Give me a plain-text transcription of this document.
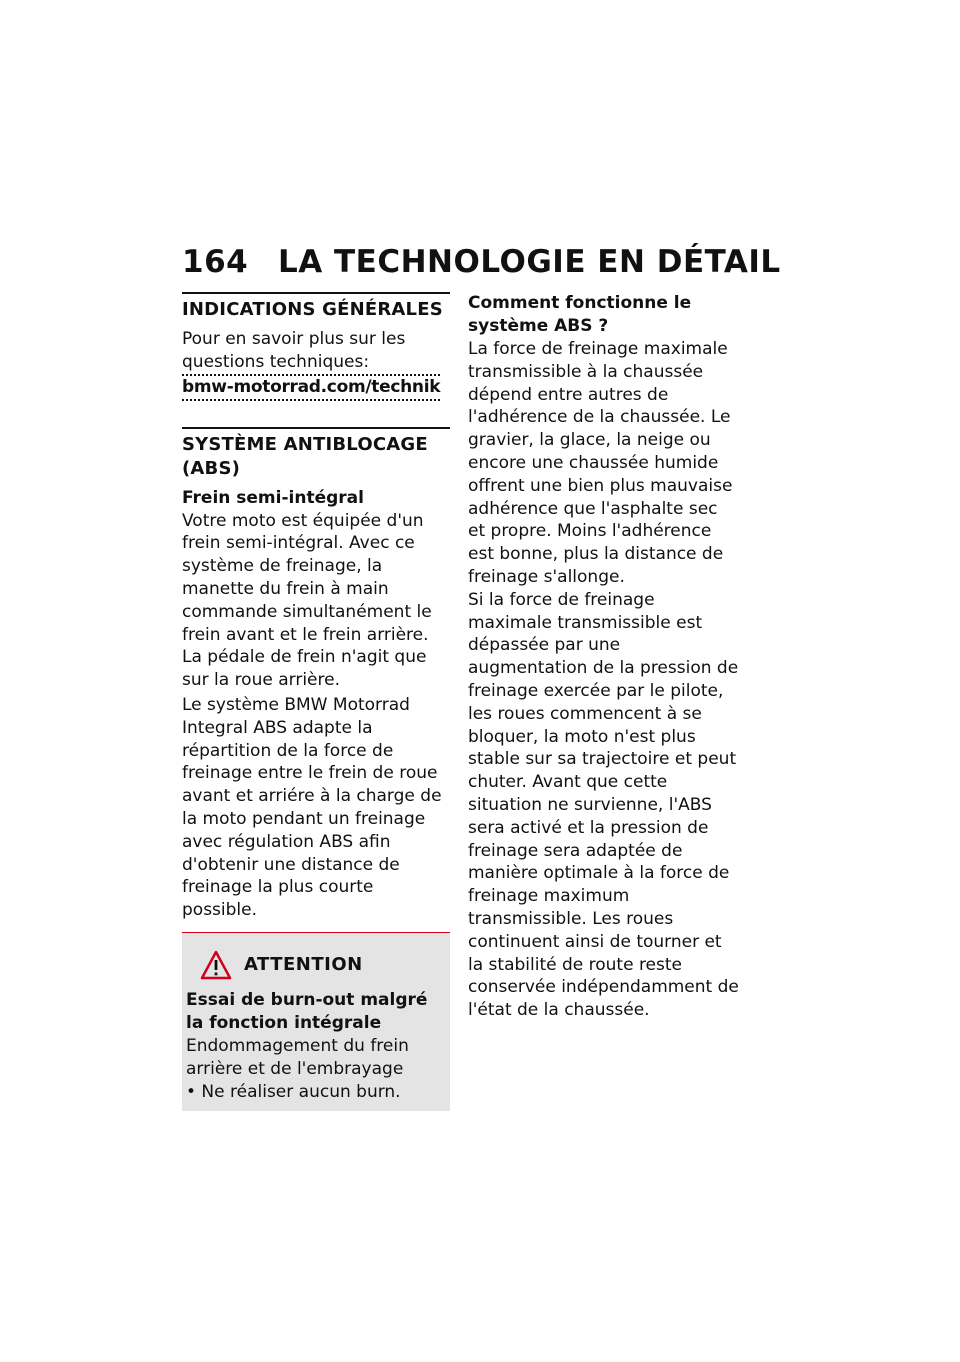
164 LA TECHNOLOGIE EN DÉTAIL
INDICATIONS GÉNÉRALES

Pour en savoir plus sur les questions techniques:

bmw-motorrad.com/technik
SYSTÈME ANTIBLOCAGE (ABS)
Frein semi-intégral

Votre moto est équipée d'un frein semi-intégral. Avec ce système de freinage, la manette du frein à main commande simultanément le frein avant et le frein arrière. La pédale de frein n'agit que sur la roue arrière.

Le système BMW Motorrad Integral ABS adapte la répartition de la force de freinage entre le frein de roue avant et arriére à la charge de la moto pendant un freinage avec régulation ABS afin d'obtenir une distance de freinage la plus courte possible.

ATTENTION
Essai de burn-out malgré la fonction intégrale

Endommagement du frein arrière et de l'embrayage

• Ne réaliser aucun burn.

Comment fonctionne le système ABS ?

La force de freinage maximale transmissible à la chaussée dépend entre autres de l'adhérence de la chaussée. Le gravier, la glace, la neige ou encore une chaussée humide offrent une bien plus mauvaise adhérence que l'asphalte sec et propre. Moins l'adhérence est bonne, plus la distance de freinage s'allonge.

Si la force de freinage maximale transmissible est dépassée par une augmentation de la pression de freinage exercée par le pilote, les roues commencent à se bloquer, la moto n'est plus stable sur sa trajectoire et peut chuter. Avant que cette situation ne survienne, l'ABS sera activé et la pression de freinage sera adaptée de manière optimale à la force de freinage maximum transmissible. Les roues continuent ainsi de tourner et la stabilité de route reste conservée indépendamment de l'état de la chaussée.
